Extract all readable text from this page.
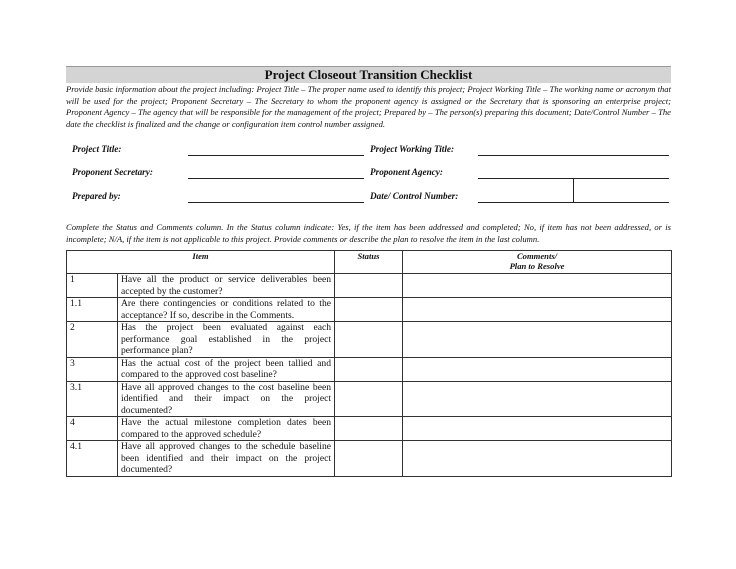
Project Closeout Transition Checklist
Provide basic information about the project including: Project Title – The proper name used to identify this project; Project Working Title – The working name or acronym that will be used for the project; Proponent Secretary – The Secretary to whom the proponent agency is assigned or the Secretary that is sponsoring an enterprise project; Proponent Agency – The agency that will be responsible for the management of the project; Prepared by – The person(s) preparing this document; Date/Control Number – The date the checklist is finalized and the change or configuration item control number assigned.
Project Title:	Project Working Title:
Proponent Secretary:	Proponent Agency:
Prepared by:	Date/ Control Number:
Complete the Status and Comments column. In the Status column indicate: Yes, if the item has been addressed and completed; No, if item has not been addressed, or is incomplete; N/A, if the item is not applicable to this project. Provide comments or describe the plan to resolve the item in the last column.
Item		Status	Comments/
Plan to Resolve
1	Have all the product or service deliverables been accepted by the customer?		
1.1	Are there contingencies or conditions related to the acceptance? If so, describe in the Comments.		
2	Has the project been evaluated against each performance goal established in the project performance plan?		
3	Has the actual cost of the project been tallied and compared to the approved cost baseline?		
3.1	Have all approved changes to the cost baseline been identified and their impact on the project documented?		
4	Have the actual milestone completion dates been compared to the approved schedule?		
4.1	Have all approved changes to the schedule baseline been identified and their impact on the project documented?		
